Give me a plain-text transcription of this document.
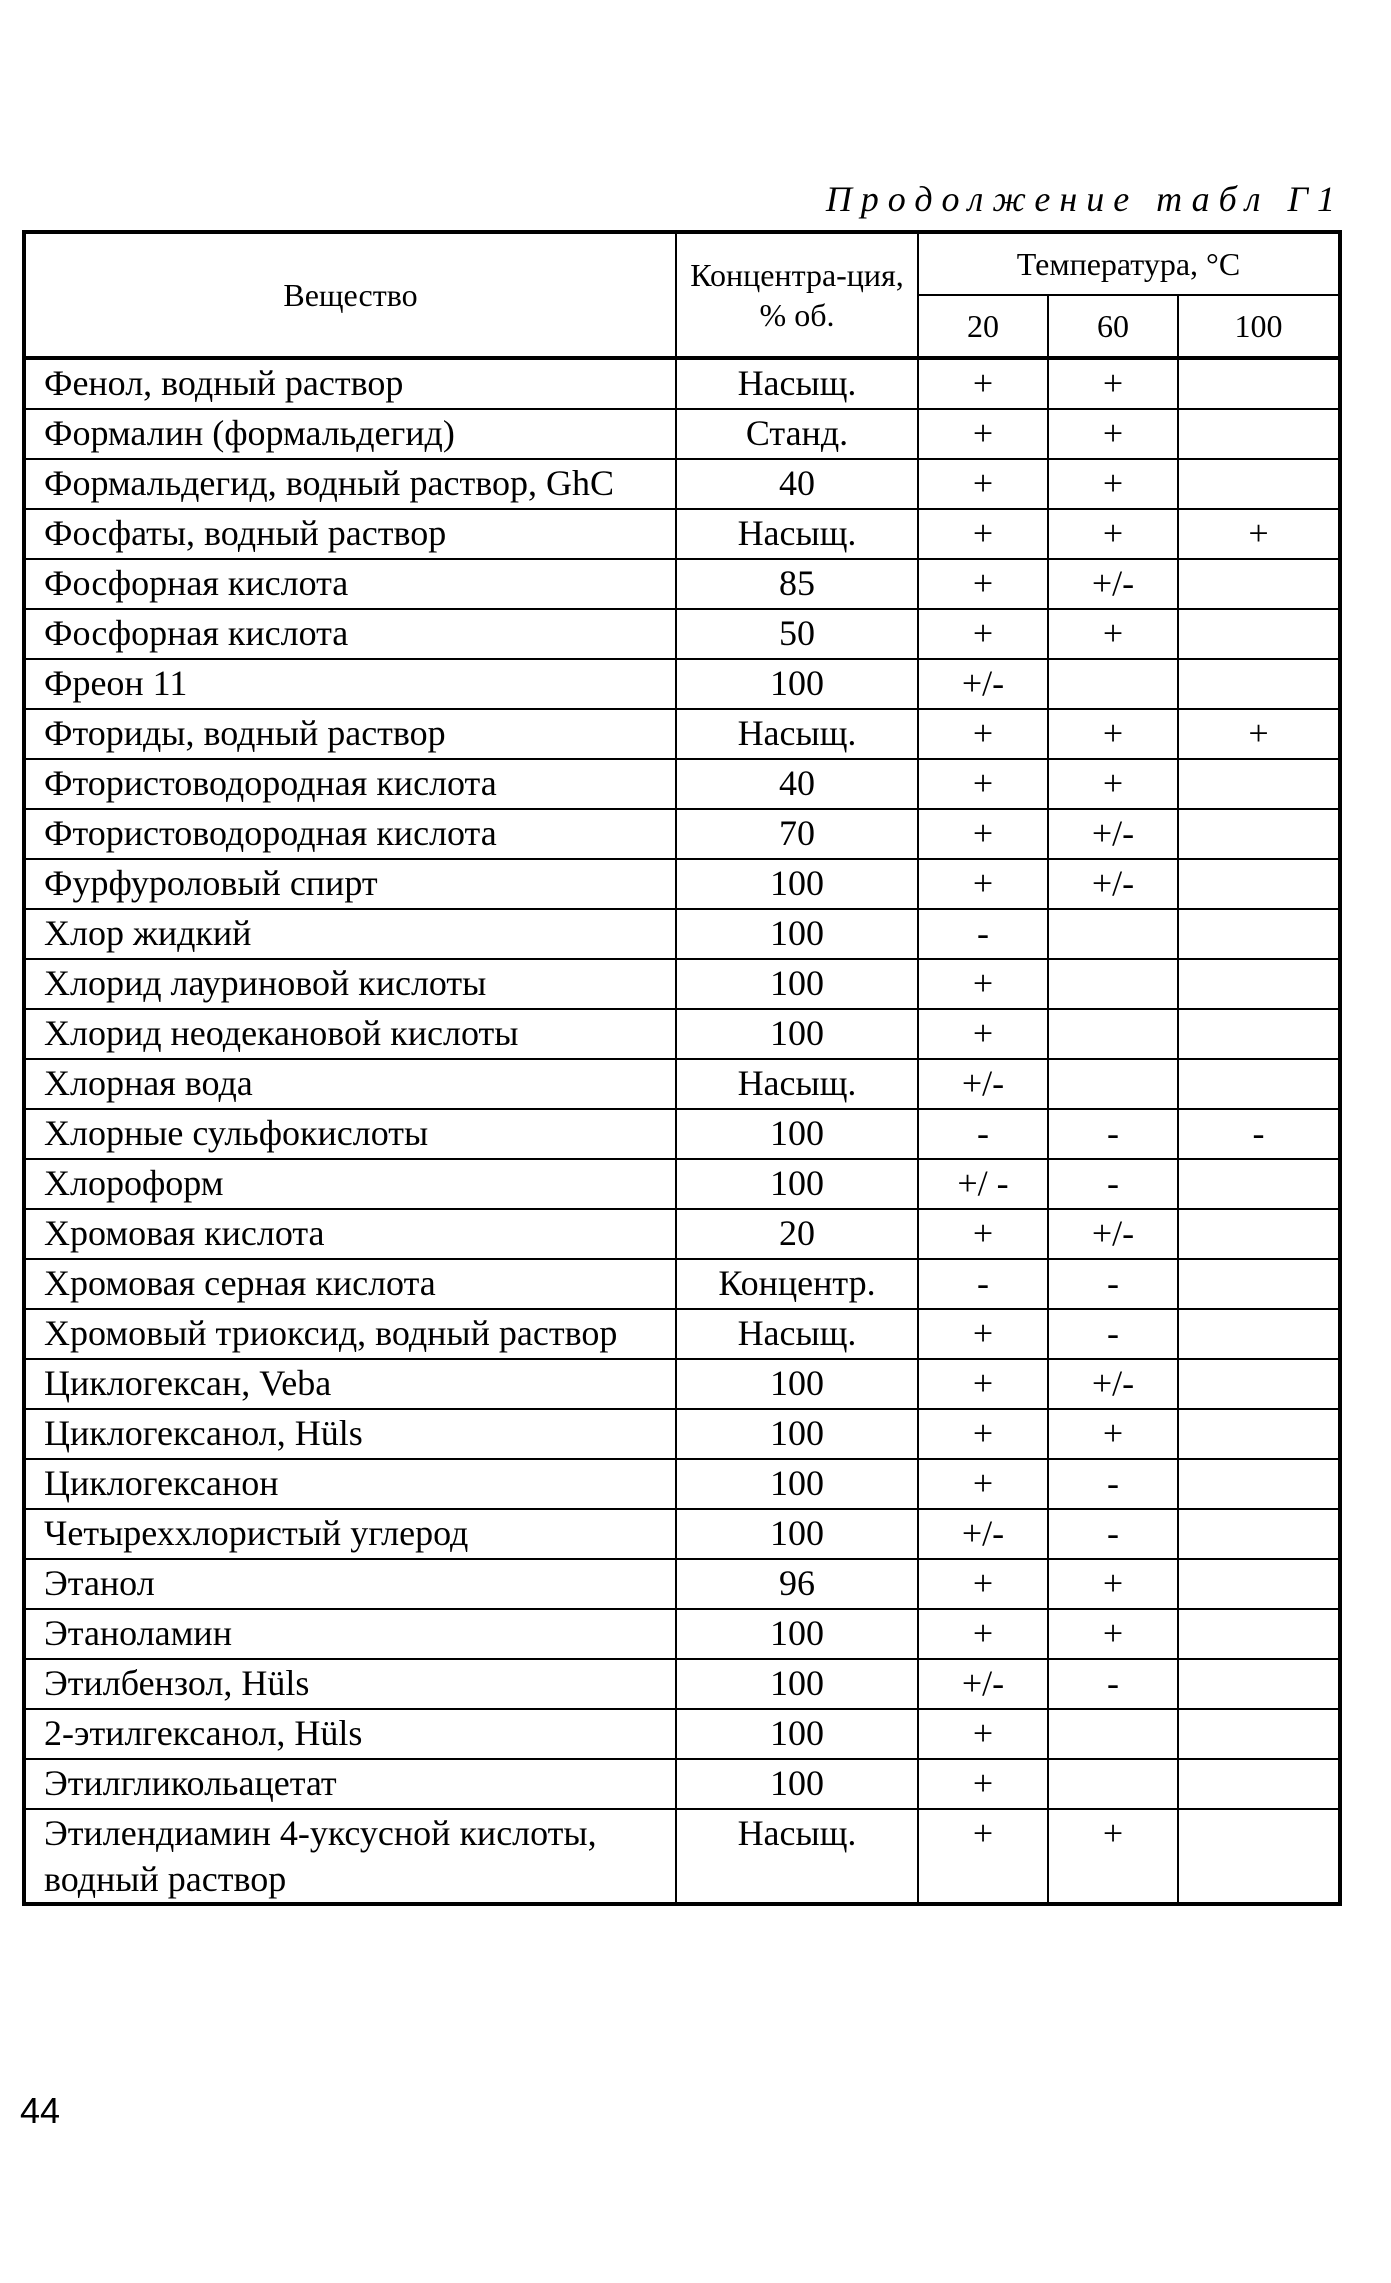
Продолжение табл Г1
Вещество	Концентра-ция, % об.	Температура, °С		
		20	60	100
Фенол, водный раствор	Насыщ.	+	+	
Формалин (формальдегид)	Станд.	+	+	
Формальдегид, водный раствор, GhC	40	+	+	
Фосфаты, водный раствор	Насыщ.	+	+	+
Фосфорная кислота	85	+	+/-	
Фосфорная кислота	50	+	+	
Фреон 11	100	+/-		
Фториды, водный раствор	Насыщ.	+	+	+
Фтористоводородная кислота	40	+	+	
Фтористоводородная кислота	70	+	+/-	
Фурфуроловый спирт	100	+	+/-	
Хлор жидкий	100	-		
Хлорид лауриновой кислоты	100	+		
Хлорид неодекановой кислоты	100	+		
Хлорная вода	Насыщ.	+/-		
Хлорные сульфокислоты	100	-	-	-
Хлороформ	100	+/ -	-	
Хромовая кислота	20	+	+/-	
Хромовая серная кислота	Концентр.	-	-	
Хромовый триоксид, водный раствор	Насыщ.	+	-	
Циклогексан, Veba	100	+	+/-	
Циклогексанол, Hüls	100	+	+	
Циклогексанон	100	+	-	
Четыреххлористый углерод	100	+/-	-	
Этанол	96	+	+	
Этаноламин	100	+	+	
Этилбензол, Hüls	100	+/-	-	
2-этилгексанол, Hüls	100	+		
Этилгликольацетат	100	+		
Этилендиамин 4-уксусной кислоты, водный раствор	Насыщ.	+	+	
44
